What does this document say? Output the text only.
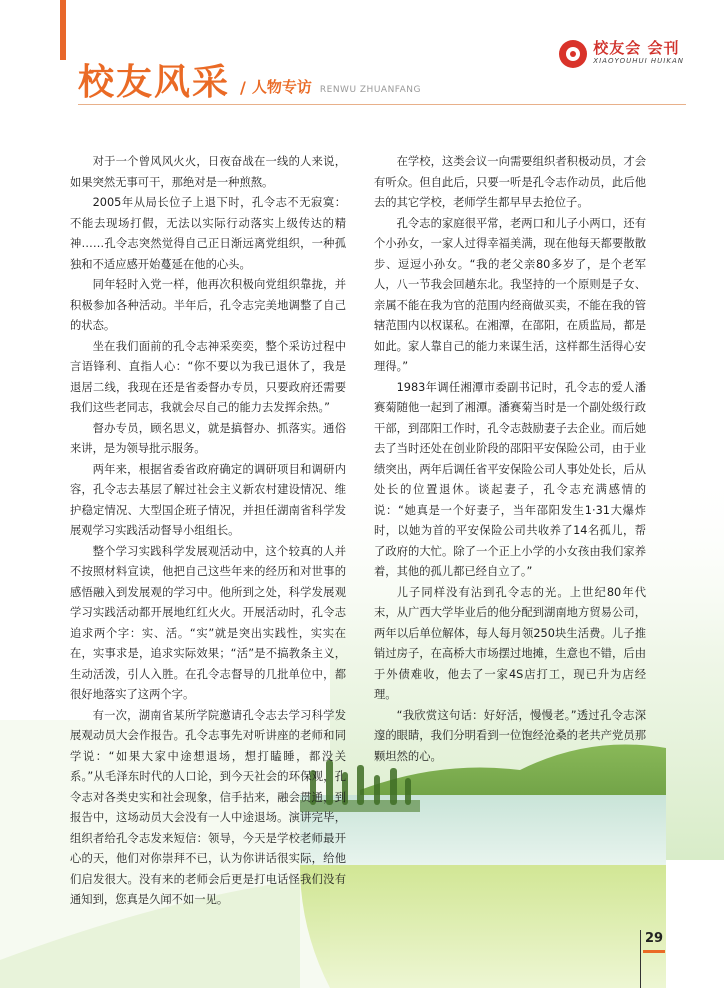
校友会 会刊
XIAOYOUHUI HUIKAN
校友风采 / 人物专访 RENWU ZHUANFANG

对于一个曾风风火火，日夜奋战在一线的人来说，如果突然无事可干，那绝对是一种煎熬。

2005年从局长位子上退下时，孔令志不无寂寞：不能去现场打假，无法以实际行动落实上级传达的精神……孔令志突然觉得自己正日渐远离党组织，一种孤独和不适应感开始蔓延在他的心头。

同年轻时入党一样，他再次积极向党组织靠拢，并积极参加各种活动。半年后，孔令志完美地调整了自己的状态。

坐在我们面前的孔令志神采奕奕，整个采访过程中言语锋利、直指人心：“你不要以为我已退休了，我是退居二线，我现在还是省委督办专员，只要政府还需要我们这些老同志，我就会尽自己的能力去发挥余热。”

督办专员，顾名思义，就是搞督办、抓落实。通俗来讲，是为领导批示服务。

两年来，根据省委省政府确定的调研项目和调研内容，孔令志去基层了解过社会主义新农村建设情况、维护稳定情况、大型国企班子情况，并担任湖南省科学发展观学习实践活动督导小组组长。

整个学习实践科学发展观活动中，这个较真的人并不按照材料宣读，他把自己这些年来的经历和对世事的感悟融入到发展观的学习中。他所到之处，科学发展观学习实践活动都开展地红红火火。开展活动时，孔令志追求两个字：实、活。“实”就是突出实践性，实实在在，实事求是，追求实际效果；“活”是不搞教条主义，生动活泼，引人入胜。在孔令志督导的几批单位中，都很好地落实了这两个字。

有一次，湖南省某所学院邀请孔令志去学习科学发展观动员大会作报告。孔令志事先对听讲座的老师和同学说：“如果大家中途想退场，想打瞌睡，都没关系。”从毛泽东时代的人口论，到今天社会的环保观，孔令志对各类史实和社会现象，信手拈来，融会贯通，到报告中，这场动员大会没有一人中途退场。演讲完毕，组织者给孔令志发来短信：领导，今天是学校老师最开心的天，他们对你崇拜不已，认为你讲话很实际，给他们启发很大。没有来的老师会后更是打电话怪我们没有通知到，您真是久闻不如一见。

在学校，这类会议一向需要组织者积极动员，才会有听众。但自此后，只要一听是孔令志作动员，此后他去的其它学校，老师学生都早早去抢位子。

孔令志的家庭很平常，老两口和儿子小两口，还有个小孙女，一家人过得幸福美满，现在他每天都要散散步、逗逗小孙女。“我的老父亲80多岁了，是个老军人，八一节我会回趟东北。我坚持的一个原则是子女、亲属不能在我为官的范围内经商做买卖，不能在我的管辖范围内以权谋私。在湘潭，在邵阳，在质监局，都是如此。家人靠自己的能力来谋生活，这样都生活得心安理得。”

1983年调任湘潭市委副书记时，孔令志的爱人潘赛菊随他一起到了湘潭。潘赛菊当时是一个副处级行政干部，到邵阳工作时，孔令志鼓励妻子去企业。而后她去了当时还处在创业阶段的邵阳平安保险公司，由于业绩突出，两年后调任省平安保险公司人事处处长，后从处长的位置退休。谈起妻子，孔令志充满感情的说：“她真是一个好妻子，当年邵阳发生1·31大爆炸时，以她为首的平安保险公司共收养了14名孤儿，帮了政府的大忙。除了一个正上小学的小女孩由我们家养着，其他的孤儿都已经自立了。”

儿子同样没有沾到孔令志的光。上世纪80年代末，从广西大学毕业后的他分配到湖南地方贸易公司，两年以后单位解体，每人每月领250块生活费。儿子推销过房子，在高桥大市场摆过地摊，生意也不错，后由于外债难收，他去了一家4S店打工，现已升为店经理。

“我欣赏这句话：好好活，慢慢老。”透过孔令志深邃的眼睛，我们分明看到一位饱经沧桑的老共产党员那颗坦然的心。

29
